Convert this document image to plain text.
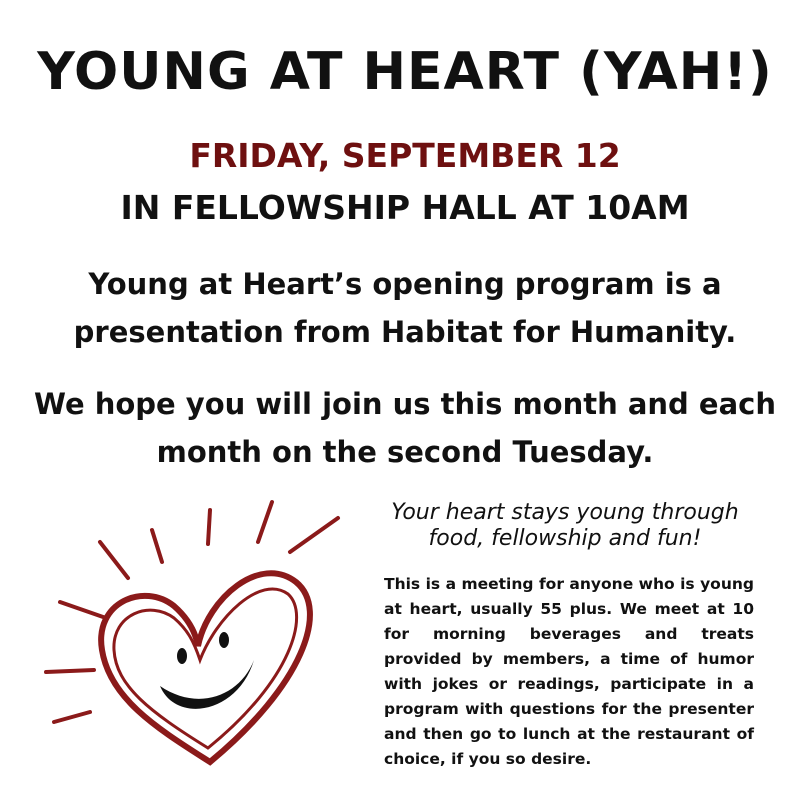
YOUNG AT HEART (YAH!)
FRIDAY, SEPTEMBER 12
IN FELLOWSHIP HALL AT 10AM

Young at Heart’s opening program is a presentation from Habitat for Humanity.

We hope you will join us this month and each month on the second Tuesday.

Your heart stays young through food, fellowship and fun!

This is a meeting for anyone who is young at heart, usually 55 plus. We meet at 10 for morning beverages and treats provided by members, a time of humor with jokes or readings, participate in a program with questions for the presenter and then go to lunch at the restaurant of choice, if you so desire.
